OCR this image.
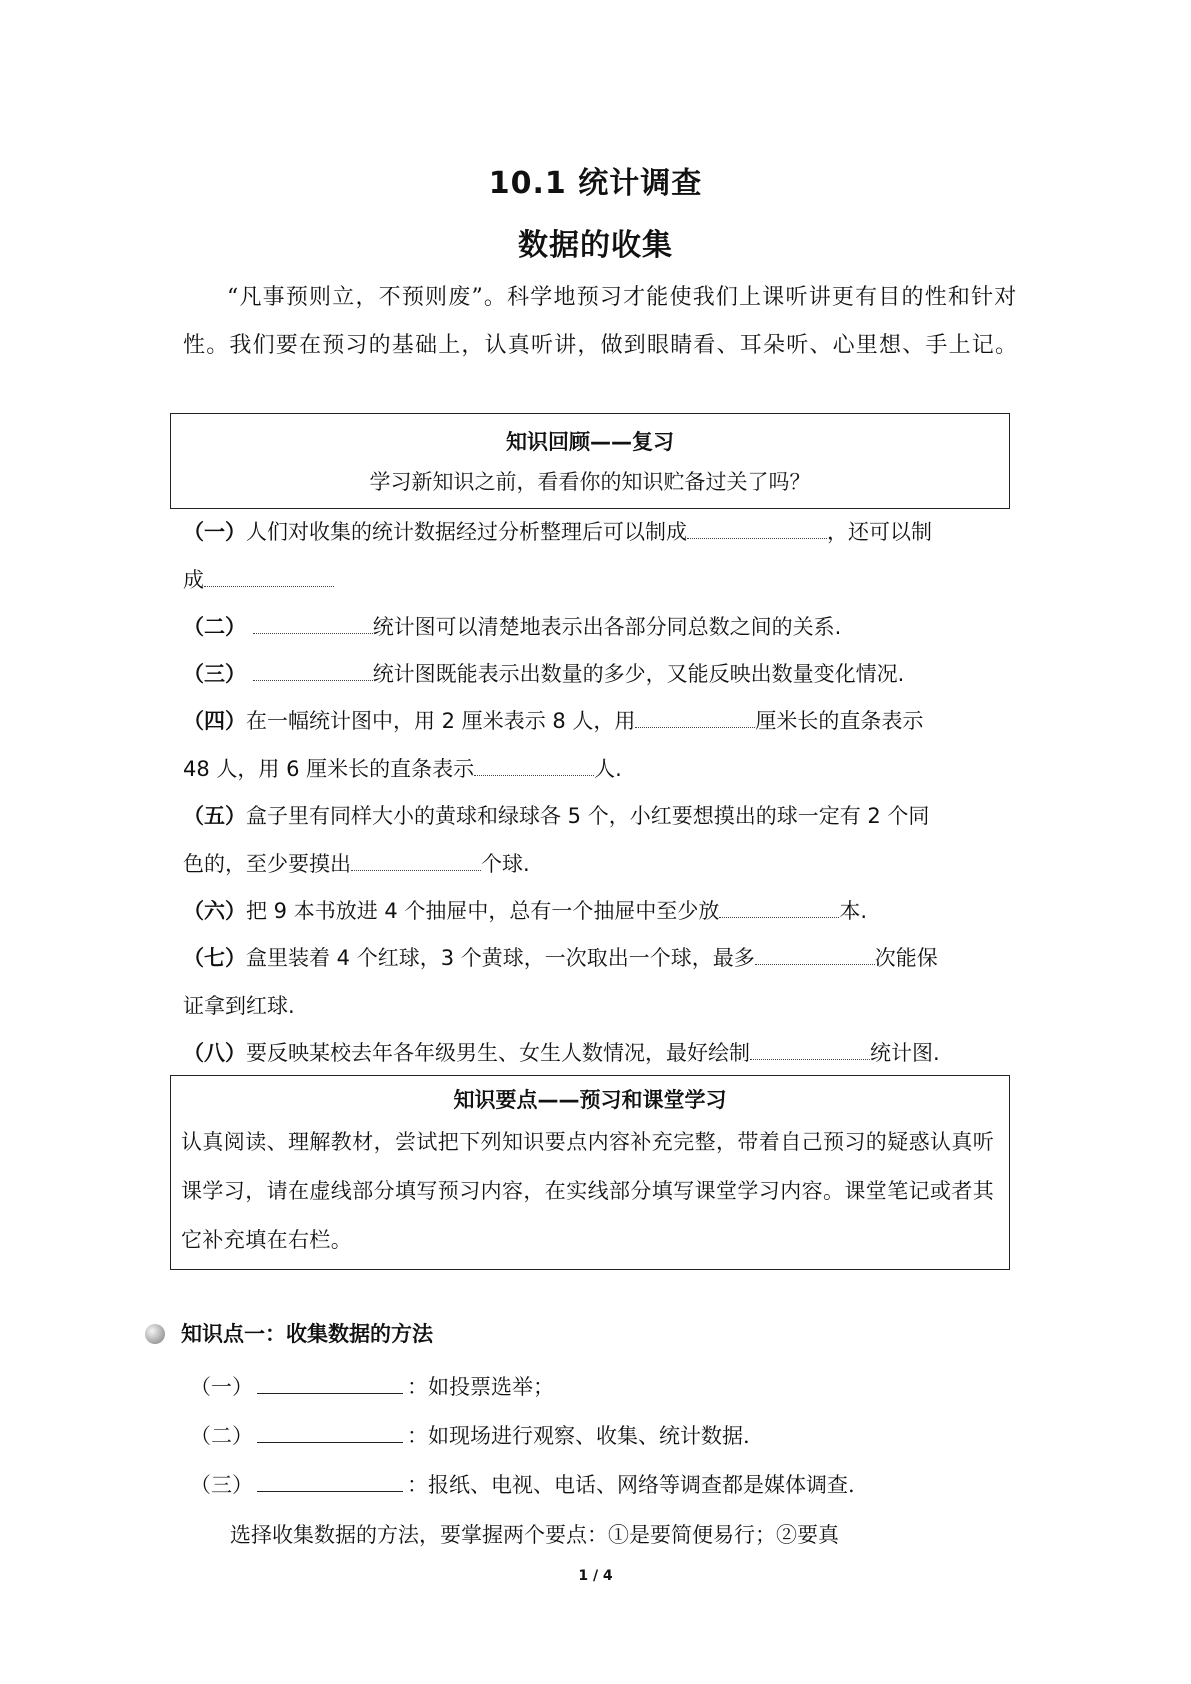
10.1 统计调查
数据的收集
“凡事预则立，不预则废”。科学地预习才能使我们上课听讲更有目的性和针对性。我们要在预习的基础上，认真听讲，做到眼睛看、耳朵听、心里想、手上记。
知识回顾——复习
学习新知识之前，看看你的知识贮备过关了吗？
（一）人们对收集的统计数据经过分析整理后可以制成	，还可以制
成
（二）	统计图可以清楚地表示出各部分同总数之间的关系.
（三）	统计图既能表示出数量的多少，又能反映出数量变化情况.
（四）在一幅统计图中，用 2 厘米表示 8 人，用	厘米长的直条表示
48 人，用 6 厘米长的直条表示	人.
（五）盒子里有同样大小的黄球和绿球各 5 个，小红要想摸出的球一定有 2 个同
色的，至少要摸出	个球.
（六）把 9 本书放进 4 个抽屉中，总有一个抽屉中至少放	本.
（七）盒里装着 4 个红球，3 个黄球，一次取出一个球，最多	次能保
证拿到红球.
（八）要反映某校去年各年级男生、女生人数情况，最好绘制	统计图.
知识要点——预习和课堂学习
认真阅读、理解教材，尝试把下列知识要点内容补充完整，带着自己预习的疑惑认真听课学习，请在虚线部分填写预习内容，在实线部分填写课堂学习内容。课堂笔记或者其它补充填在右栏。
知识点一：收集数据的方法
（一）	：如投票选举；
（二）	：如现场进行观察、收集、统计数据.
（三）	：报纸、电视、电话、网络等调查都是媒体调查.
选择收集数据的方法，要掌握两个要点：①是要简便易行；②要真
1 / 4
